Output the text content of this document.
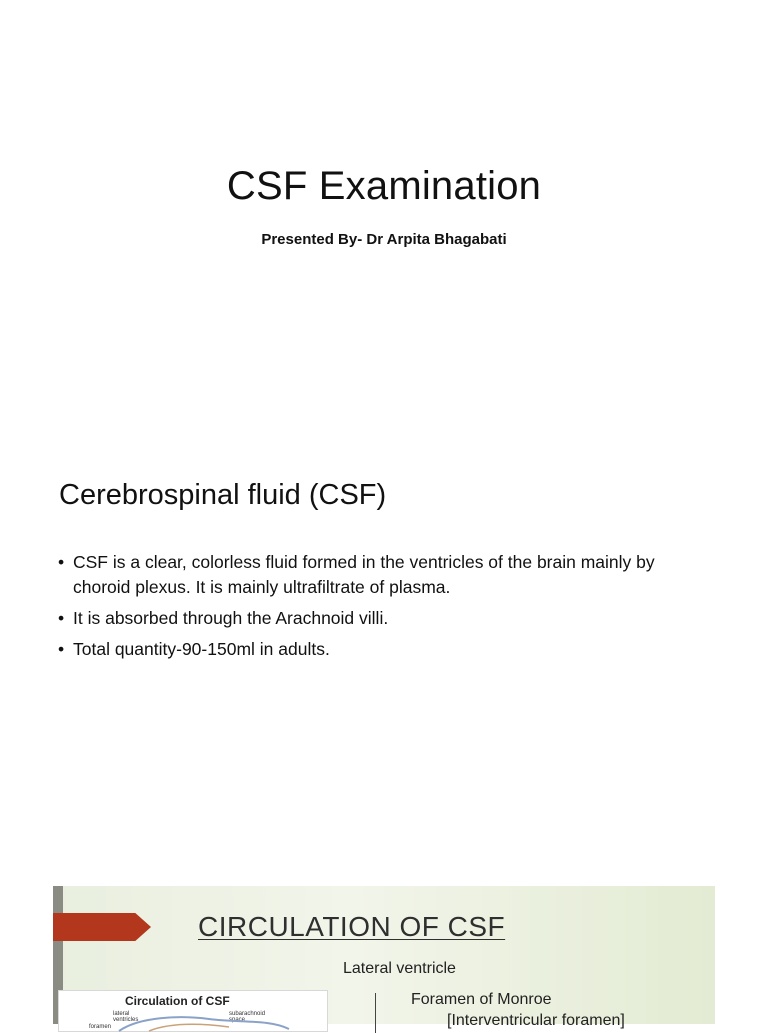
CSF Examination
Presented By- Dr Arpita Bhagabati
Cerebrospinal fluid (CSF)
• CSF is a clear, colorless fluid formed in the ventricles of the brain mainly by choroid plexus. It is mainly ultrafiltrate of plasma.
• It is absorbed through the Arachnoid villi.
• Total quantity-90-150ml in adults.
CIRCULATION OF CSF
Lateral ventricle
Foramen of Monroe
[Interventricular foramen]
Circulation of CSF
lateral ventricles
subarachnoid space
foramen
